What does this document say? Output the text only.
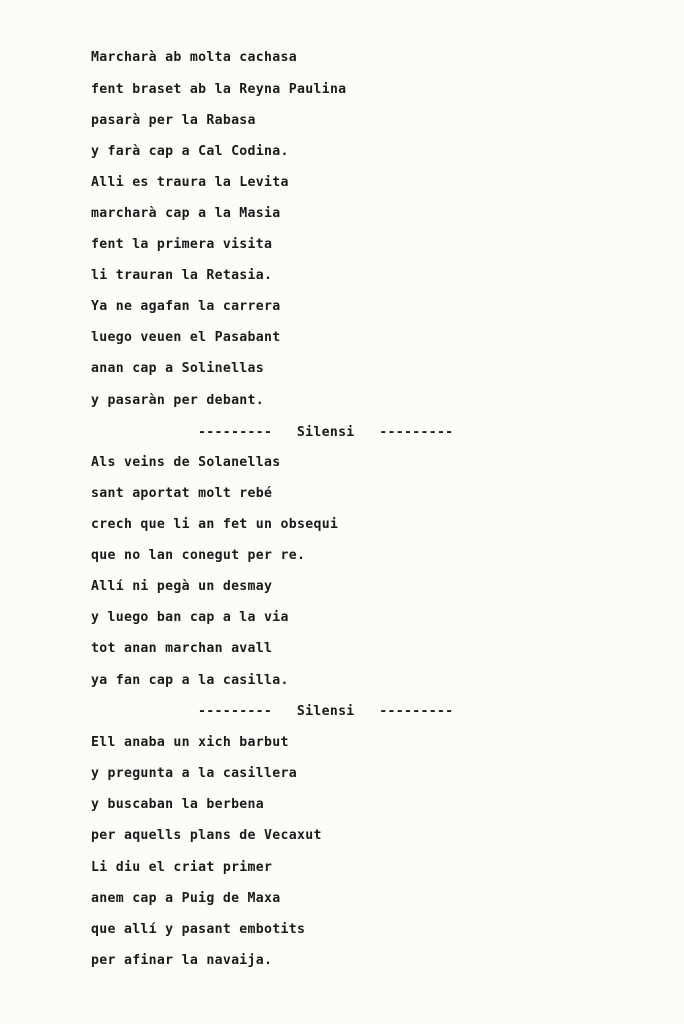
Marcharà ab molta cachasa
fent braset ab la Reyna Paulina
pasarà per la Rabasa
y farà cap a Cal Codina.
Alli es traura la Levita
marcharà cap a la Masia
fent la primera visita
li trauran la Retasia.
Ya ne agafan la carrera
luego veuen el Pasabant
anan cap a Solinellas
y pasaràn per debant.
---------   Silensi   ---------
Als veins de Solanellas
sant aportat molt rebé
crech que li an fet un obsequi
que no lan conegut per re.
Allí ni pegà un desmay
y luego ban cap a la via
tot anan marchan avall
ya fan cap a la casilla.
---------   Silensi   ---------
Ell anaba un xich barbut
y pregunta a la casillera
y buscaban la berbena
per aquells plans de Vecaxut
Li diu el criat primer
anem cap a Puig de Maxa
que allí y pasant embotits
per afinar la navaija.
